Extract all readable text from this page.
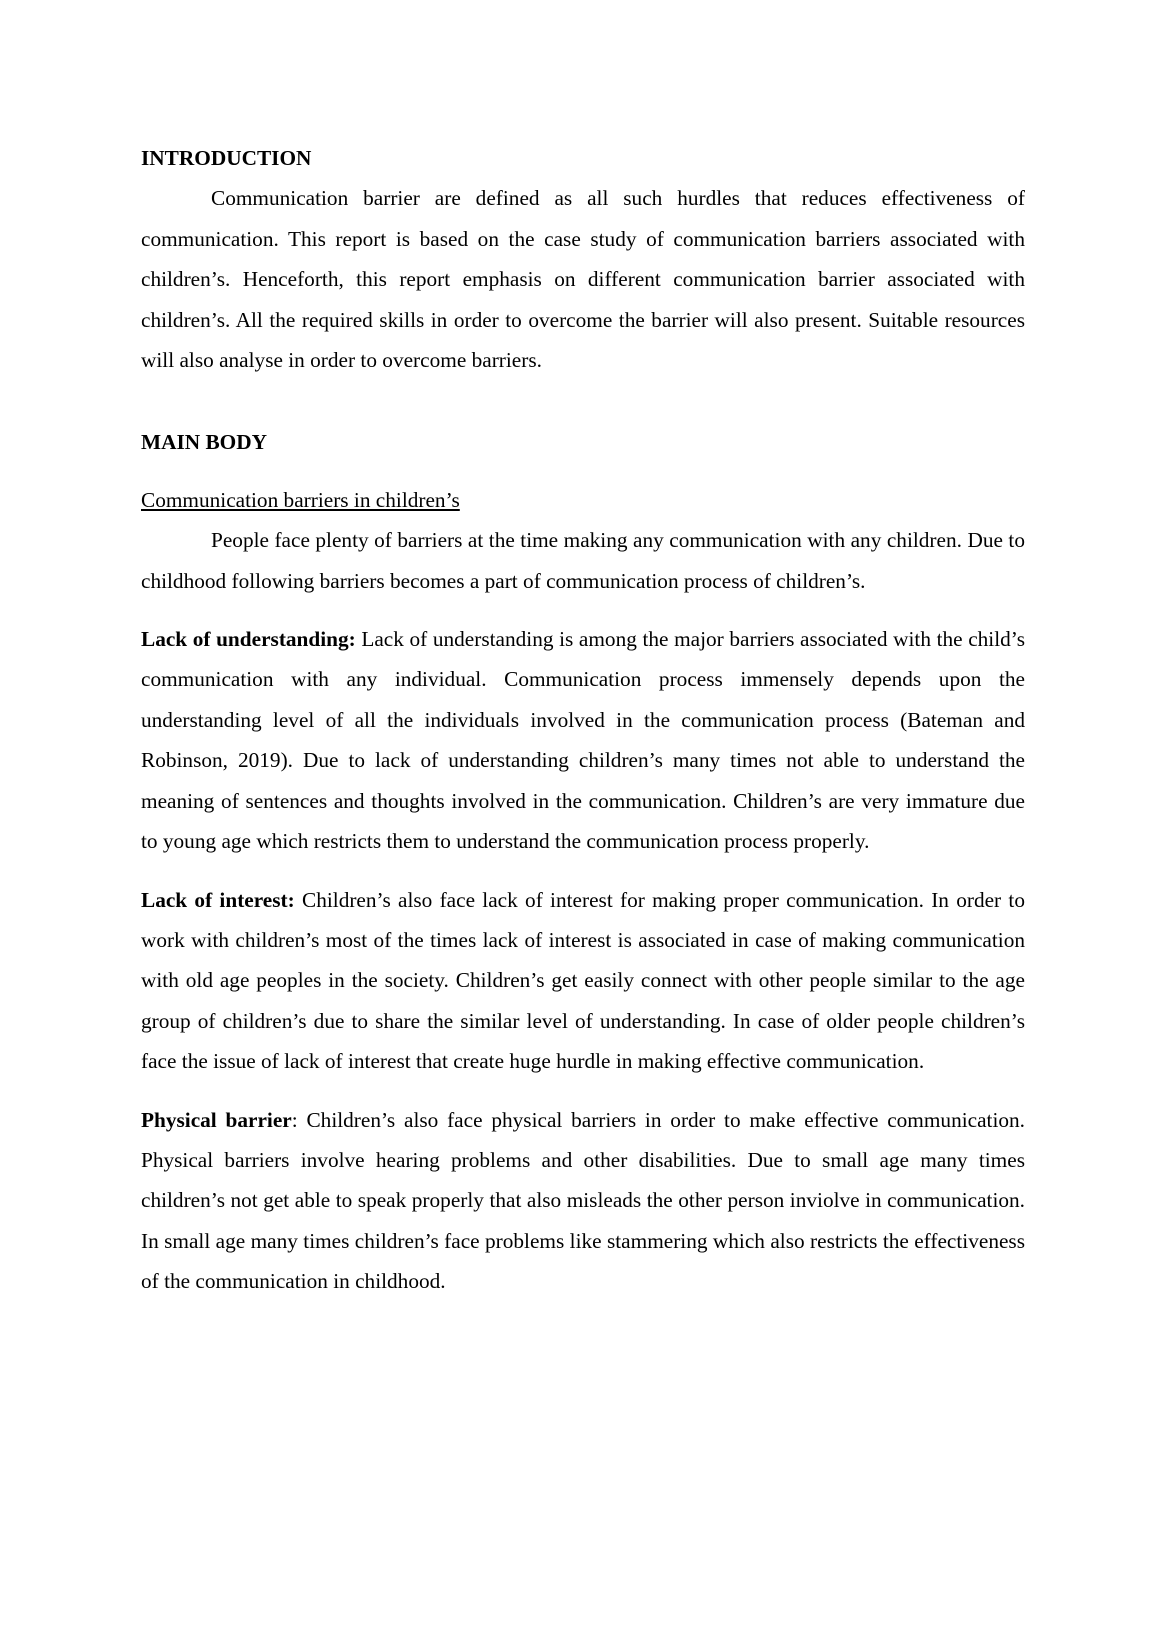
INTRODUCTION

Communication barrier are defined as all such hurdles that reduces effectiveness of communication. This report is based on the case study of communication barriers associated with children’s. Henceforth, this report emphasis on different communication barrier associated with children’s. All the required skills in order to overcome the barrier will also present. Suitable resources will also analyse in order to overcome barriers.

MAIN BODY

Communication barriers in children’s

People face plenty of barriers at the time making any communication with any children. Due to childhood following barriers becomes a part of communication process of children’s.

Lack of understanding: Lack of understanding is among the major barriers associated with the child’s communication with any individual. Communication process immensely depends upon the understanding level of all the individuals involved in the communication process (Bateman and Robinson, 2019). Due to lack of understanding children’s many times not able to understand the meaning of sentences and thoughts involved in the communication. Children’s are very immature due to young age which restricts them to understand the communication process properly.

Lack of interest: Children’s also face lack of interest for making proper communication. In order to work with children’s most of the times lack of interest is associated in case of making communication with old age peoples in the society. Children’s get easily connect with other people similar to the age group of children’s due to share the similar level of understanding. In case of older people children’s face the issue of lack of interest that create huge hurdle in making effective communication.

Physical barrier: Children’s also face physical barriers in order to make effective communication. Physical barriers involve hearing problems and other disabilities. Due to small age many times children’s not get able to speak properly that also misleads the other person inviolve in communication. In small age many times children’s face problems like stammering which also restricts the effectiveness of the communication in childhood.
